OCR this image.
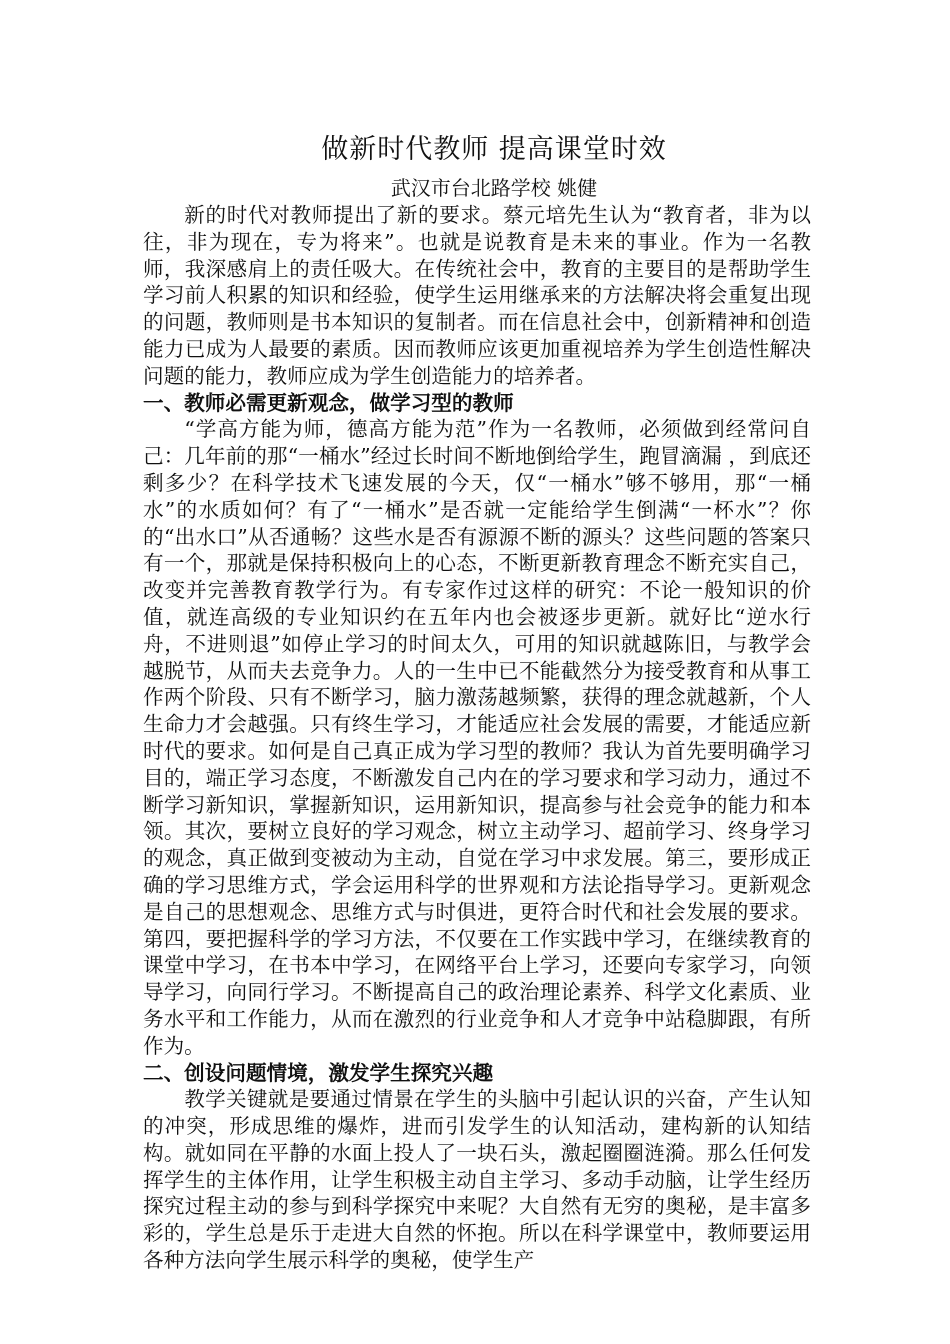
做新时代教师 提高课堂时效

武汉市台北路学校 姚健

新的时代对教师提出了新的要求。蔡元培先生认为“教育者，非为以往，非为现在，专为将来”。也就是说教育是未来的事业。作为一名教师，我深感肩上的责任吸大。在传统社会中，教育的主要目的是帮助学生学习前人积累的知识和经验，使学生运用继承来的方法解决将会重复出现的问题，教师则是书本知识的复制者。而在信息社会中，创新精神和创造能力已成为人最要的素质。因而教师应该更加重视培养为学生创造性解决问题的能力，教师应成为学生创造能力的培养者。

一、教师必需更新观念，做学习型的教师

“学高方能为师，德高方能为范”作为一名教师，必须做到经常问自己：几年前的那“一桶水”经过长时间不断地倒给学生，跑冒滴漏 ，到底还剩多少？在科学技术飞速发展的今天，仅“一桶水”够不够用，那“一桶水”的水质如何？有了“一桶水”是否就一定能给学生倒满“一杯水”？你的“出水口”从否通畅？这些水是否有源源不断的源头？这些问题的答案只有一个，那就是保持积极向上的心态，不断更新教育理念不断充实自己，改变并完善教育教学行为。有专家作过这样的研究：不论一般知识的价值，就连高级的专业知识约在五年内也会被逐步更新。就好比“逆水行舟，不进则退”如停止学习的时间太久，可用的知识就越陈旧，与教学会越脱节，从而夫去竞争力。人的一生中已不能截然分为接受教育和从事工作两个阶段、只有不断学习，脑力激荡越频繁，获得的理念就越新，个人生命力才会越强。只有终生学习，才能适应社会发展的需要，才能适应新时代的要求。如何是自己真正成为学习型的教师？我认为首先要明确学习目的，端正学习态度，不断激发自己内在的学习要求和学习动力，通过不断学习新知识，掌握新知识，运用新知识，提高参与社会竞争的能力和本领。其次，要树立良好的学习观念，树立主动学习、超前学习、终身学习的观念，真正做到变被动为主动，自觉在学习中求发展。第三，要形成正确的学习思维方式，学会运用科学的世界观和方法论指导学习。更新观念是自己的思想观念、思维方式与时俱进，更符合时代和社会发展的要求。第四，要把握科学的学习方法，不仅要在工作实践中学习，在继续教育的课堂中学习，在书本中学习，在网络平台上学习，还要向专家学习，向领导学习，向同行学习。不断提高自己的政治理论素养、科学文化素质、业务水平和工作能力，从而在激烈的行业竞争和人才竞争中站稳脚跟，有所作为。

二、创设问题情境，激发学生探究兴趣

教学关键就是要通过情景在学生的头脑中引起认识的兴奋，产生认知的冲突，形成思维的爆炸，进而引发学生的认知活动，建构新的认知结构。就如同在平静的水面上投人了一块石头，激起圈圈涟漪。那么任何发挥学生的主体作用，让学生积极主动自主学习、多动手动脑，让学生经历探究过程主动的参与到科学探究中来呢？大自然有无穷的奥秘，是丰富多彩的，学生总是乐于走进大自然的怀抱。所以在科学课堂中，教师要运用各种方法向学生展示科学的奥秘，使学生产
